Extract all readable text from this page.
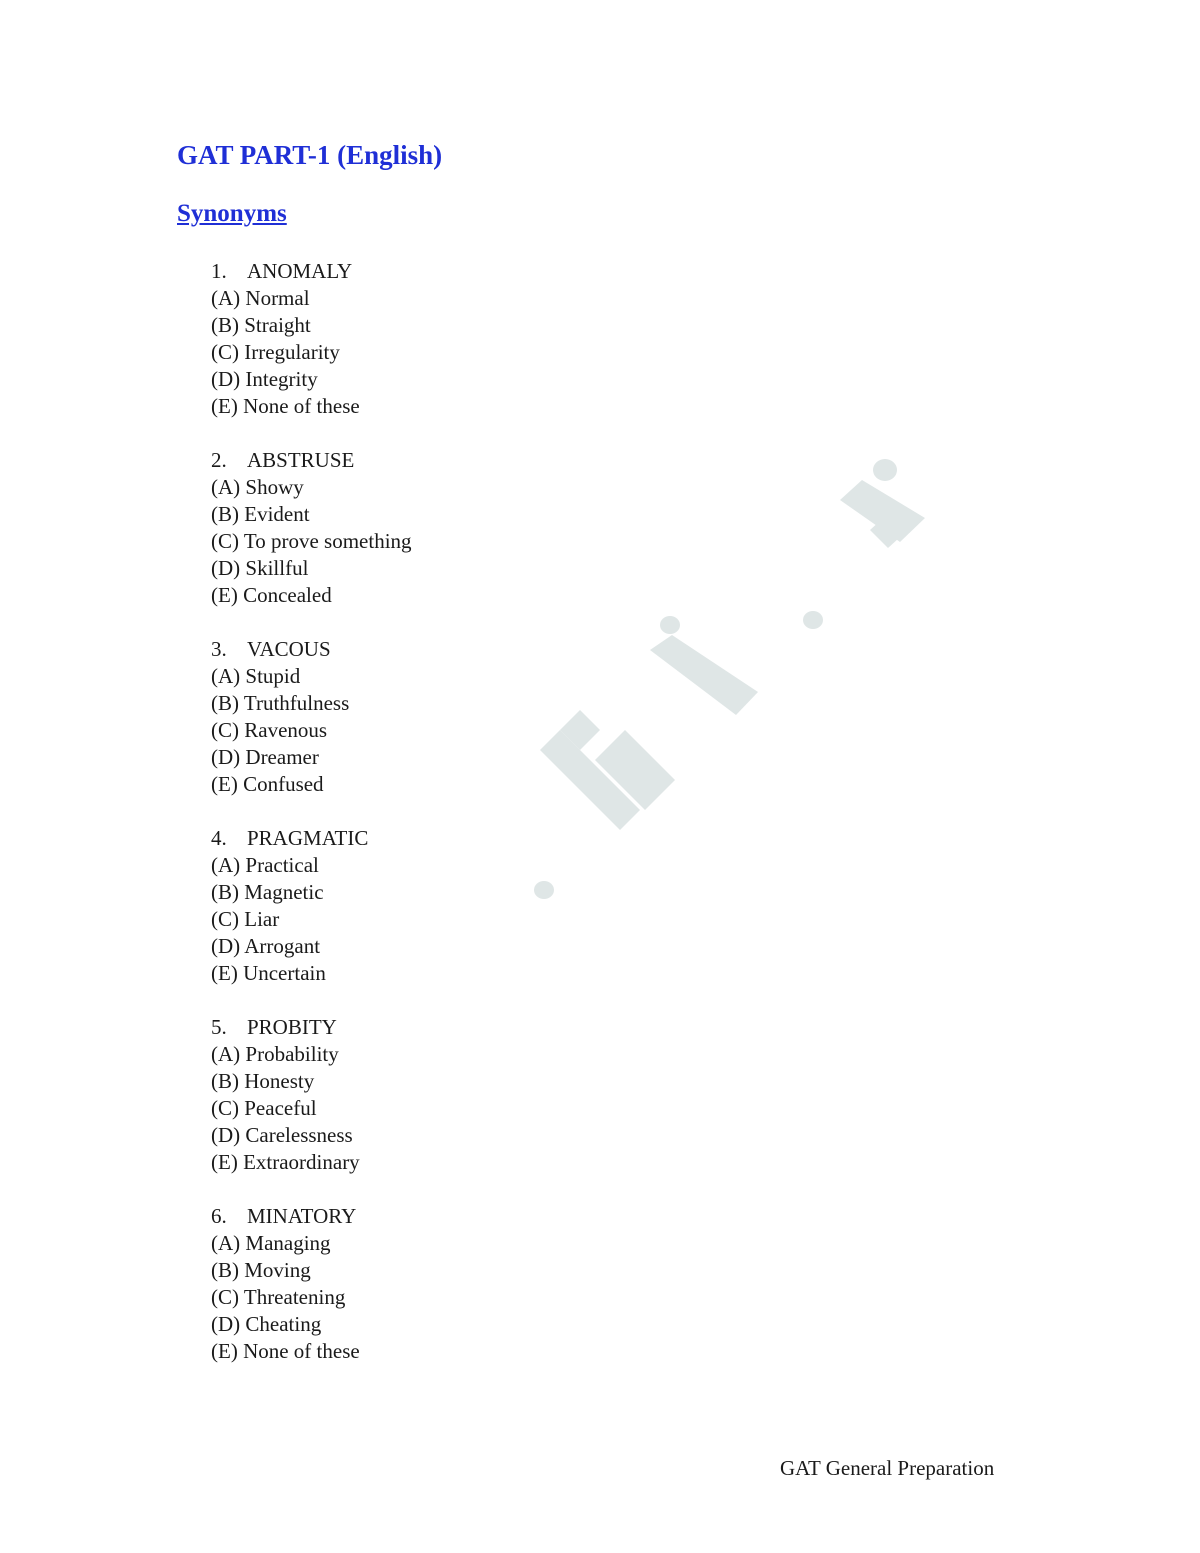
GAT PART-1 (English)
Synonyms
1. ANOMALY
(A) Normal
(B) Straight
(C) Irregularity
(D) Integrity
(E) None of these
2. ABSTRUSE
(A) Showy
(B) Evident
(C) To prove something
(D) Skillful
(E) Concealed
3. VACOUS
(A) Stupid
(B) Truthfulness
(C) Ravenous
(D) Dreamer
(E) Confused
4. PRAGMATIC
(A) Practical
(B) Magnetic
(C) Liar
(D) Arrogant
(E) Uncertain
5. PROBITY
(A) Probability
(B) Honesty
(C) Peaceful
(D) Carelessness
(E) Extraordinary
6. MINATORY
(A) Managing
(B) Moving
(C) Threatening
(D) Cheating
(E) None of these
GAT General Preparation
